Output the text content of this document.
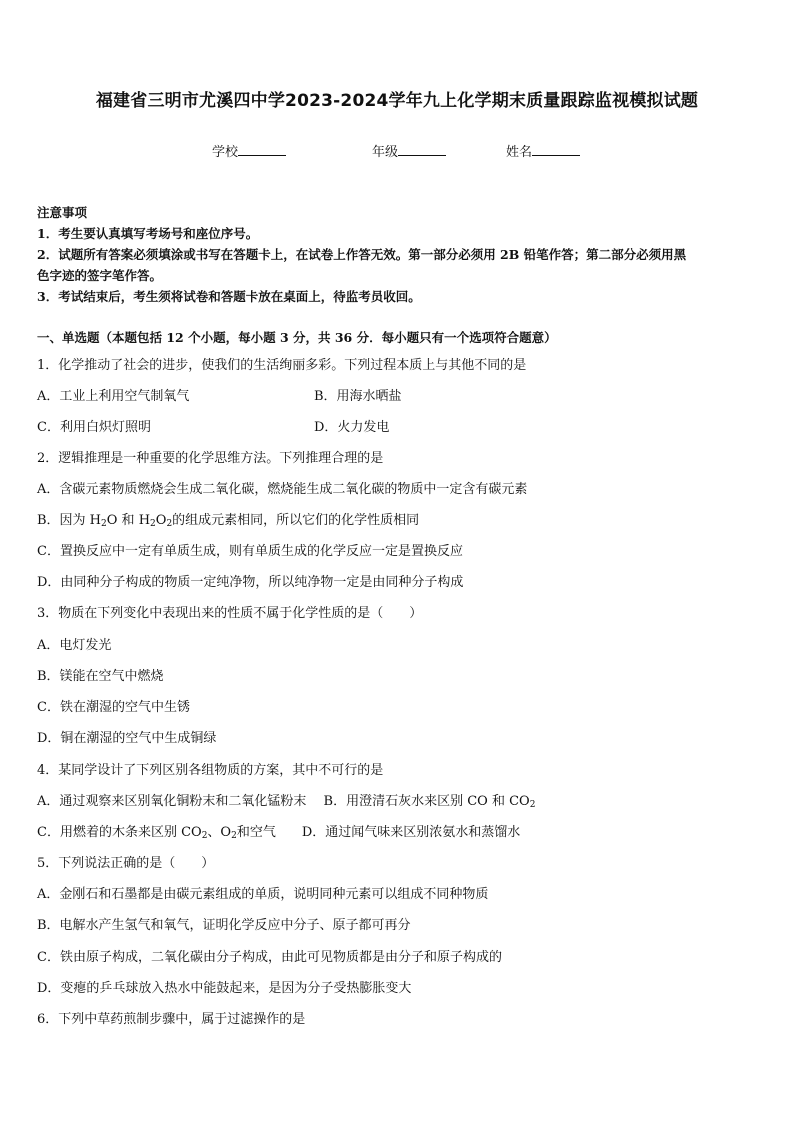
福建省三明市尤溪四中学2023-2024学年九上化学期末质量跟踪监视模拟试题
学校	年级	姓名
注意事项
1．考生要认真填写考场号和座位序号。
2．试题所有答案必须填涂或书写在答题卡上，在试卷上作答无效。第一部分必须用 2B 铅笔作答；第二部分必须用黑
色字迹的签字笔作答。
3．考试结束后，考生须将试卷和答题卡放在桌面上，待监考员收回。
一、单选题（本题包括 12 个小题，每小题 3 分，共 36 分．每小题只有一个选项符合题意）
1．化学推动了社会的进步，使我们的生活绚丽多彩。下列过程本质上与其他不同的是
A．工业上利用空气制氧气	B．用海水晒盐
C．利用白炽灯照明	D．火力发电
2．逻辑推理是一种重要的化学思维方法。下列推理合理的是
A．含碳元素物质燃烧会生成二氧化碳，燃烧能生成二氧化碳的物质中一定含有碳元素
B．因为 $H_2O$ 和 $H_2O_2$的组成元素相同，所以它们的化学性质相同
C．置换反应中一定有单质生成，则有单质生成的化学反应一定是置换反应
D．由同种分子构成的物质一定纯净物，所以纯净物一定是由同种分子构成
3．物质在下列变化中表现出来的性质不属于化学性质的是（　　）
A．电灯发光
B．镁能在空气中燃烧
C．铁在潮湿的空气中生锈
D．铜在潮湿的空气中生成铜绿
4．某同学设计了下列区别各组物质的方案，其中不可行的是
A．通过观察来区别氧化铜粉末和二氧化锰粉末　 B．用澄清石灰水来区别 CO 和 $CO_2$
C．用燃着的木条来区别 $CO_2$、$O_2$和空气　　D．通过闻气味来区别浓氨水和蒸馏水
5．下列说法正确的是（　　）
A．金刚石和石墨都是由碳元素组成的单质，说明同种元素可以组成不同种物质
B．电解水产生氢气和氧气，证明化学反应中分子、原子都可再分
C．铁由原子构成，二氧化碳由分子构成，由此可见物质都是由分子和原子构成的
D．变瘪的乒乓球放入热水中能鼓起来，是因为分子受热膨胀变大
6．下列中草药煎制步骤中，属于过滤操作的是
